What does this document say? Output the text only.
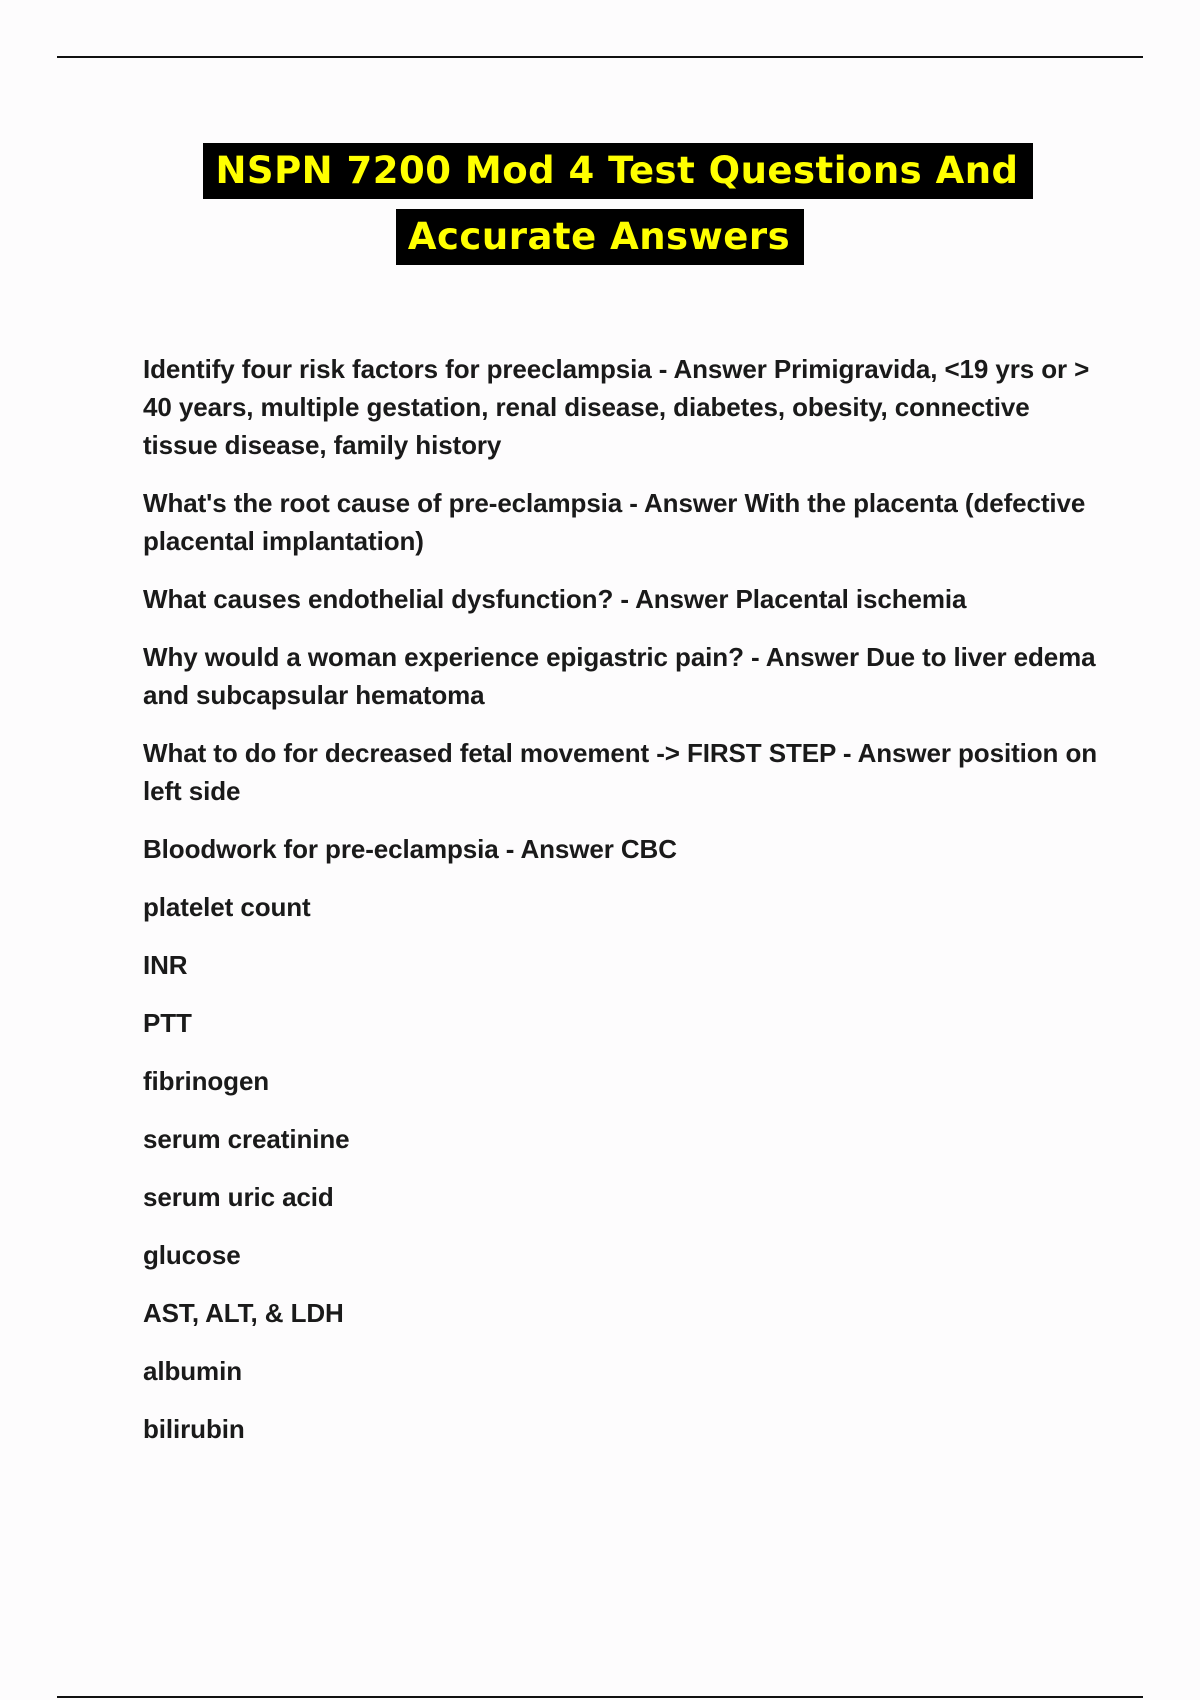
NSPN 7200 Mod 4 Test Questions And
Accurate Answers

Identify four risk factors for preeclampsia - Answer Primigravida, <19 yrs or > 40 years, multiple gestation, renal disease, diabetes, obesity, connective tissue disease, family history

What's the root cause of pre-eclampsia - Answer With the placenta (defective placental implantation)

What causes endothelial dysfunction? - Answer Placental ischemia

Why would a woman experience epigastric pain? - Answer Due to liver edema and subcapsular hematoma

What to do for decreased fetal movement -> FIRST STEP - Answer position on left side

Bloodwork for pre-eclampsia - Answer CBC

platelet count

INR

PTT

fibrinogen

serum creatinine

serum uric acid

glucose

AST, ALT, & LDH

albumin

bilirubin
